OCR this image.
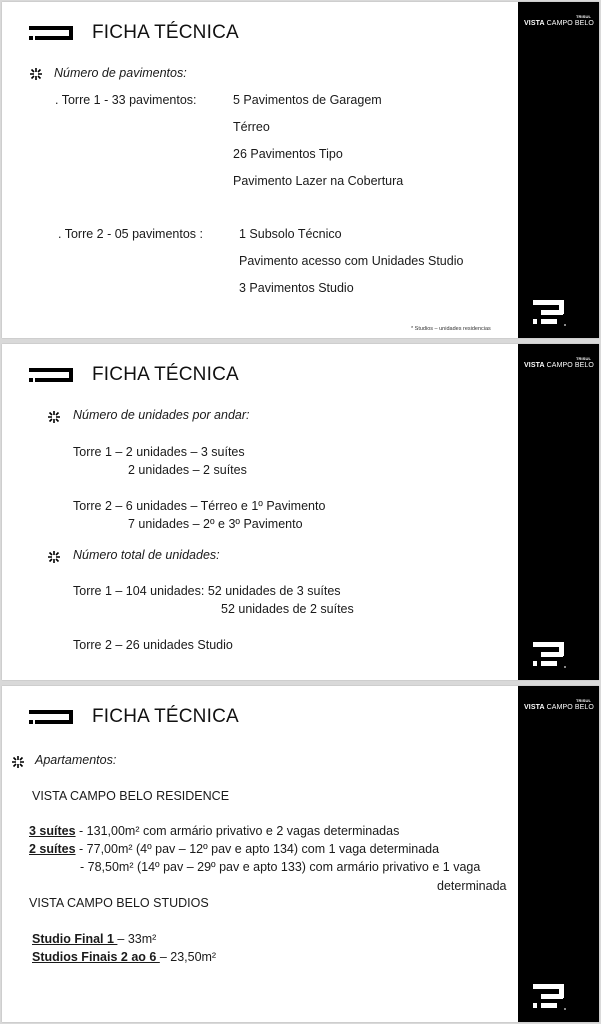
FICHA TÉCNICA
Número de pavimentos:
. Torre 1 - 33 pavimentos:	5 Pavimentos de Garagem
Térreo
26 Pavimentos Tipo
Pavimento Lazer na Cobertura
. Torre 2 - 05 pavimentos :	1 Subsolo Técnico
Pavimento acesso com Unidades Studio
3 Pavimentos Studio
* Studios – unidades residencias
TRISUL
VISTA CAMPO BELO
FICHA TÉCNICA
Número de unidades por andar:
Torre 1 – 2 unidades – 3 suítes
2 unidades – 2 suítes
Torre 2 – 6 unidades – Térreo e 1º Pavimento
7 unidades – 2º e 3º Pavimento
Número total de unidades:
Torre 1 – 104 unidades: 52 unidades de 3 suítes
52 unidades de 2 suítes
Torre 2 – 26 unidades Studio
TRISUL
VISTA CAMPO BELO
FICHA TÉCNICA
Apartamentos:
VISTA CAMPO BELO RESIDENCE
3 suítes - 131,00m² com armário privativo e 2 vagas determinadas
2 suítes - 77,00m² (4º pav – 12º pav e apto 134) com 1 vaga determinada
- 78,50m² (14º pav – 29º pav e apto 133) com armário privativo e 1 vaga
determinada
VISTA CAMPO BELO STUDIOS
Studio Final 1 – 33m²
Studios Finais 2 ao 6 – 23,50m²
TRISUL
VISTA CAMPO BELO
